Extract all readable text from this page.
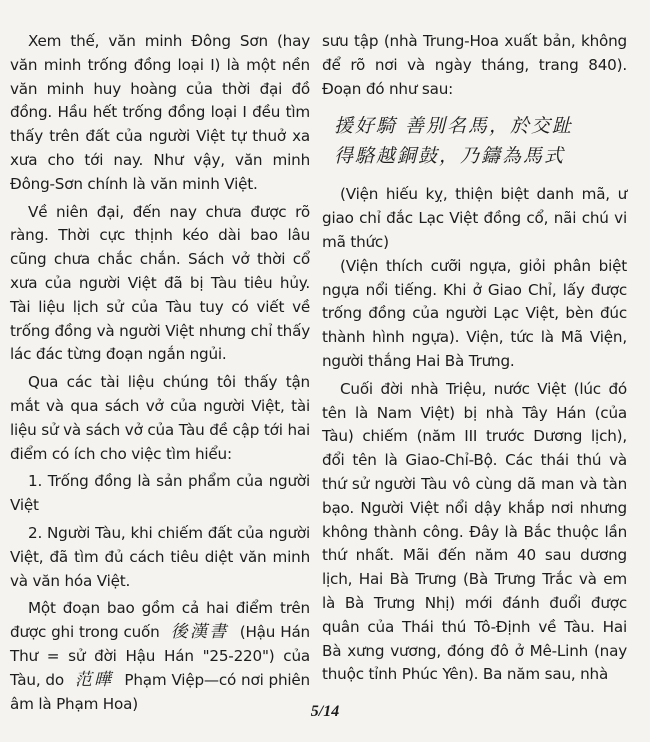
Xem thế, văn minh Đông Sơn (hay văn minh trống đồng loại I) là một nền văn minh huy hoàng của thời đại đồ đồng. Hầu hết trống đồng loại I đều tìm thấy trên đất của người Việt tự thuở xa xưa cho tới nay. Như vậy, văn minh Đông-Sơn chính là văn minh Việt.

Về niên đại, đến nay chưa được rõ ràng. Thời cực thịnh kéo dài bao lâu cũng chưa chắc chắn. Sách vở thời cổ xưa của người Việt đã bị Tàu tiêu hủy. Tài liệu lịch sử của Tàu tuy có viết về trống đồng và người Việt nhưng chỉ thấy lác đác từng đoạn ngắn ngủi.

Qua các tài liệu chúng tôi thấy tận mắt và qua sách vở của người Việt, tài liệu sử và sách vở của Tàu đề cập tới hai điểm có ích cho việc tìm hiểu:

1. Trống đồng là sản phẩm của người Việt

2. Người Tàu, khi chiếm đất của người Việt, đã tìm đủ cách tiêu diệt văn minh và văn hóa Việt.

Một đoạn bao gồm cả hai điểm trên được ghi trong cuốn 後漢書 (Hậu Hán Thư = sử đời Hậu Hán "25-220") của Tàu, do 范曄 Phạm Việp—có nơi phiên âm là Phạm Hoa)

sưu tập (nhà Trung-Hoa xuất bản, không để rõ nơi và ngày tháng, trang 840). Đoạn đó như sau:

援好騎 善別名馬，於交趾
得駱越銅鼓，乃鑄為馬式

(Viện hiếu kỵ, thiện biệt danh mã, ư giao chỉ đắc Lạc Việt đồng cổ, nãi chú vi mã thức)

(Viện thích cưỡi ngựa, giỏi phân biệt ngựa nổi tiếng. Khi ở Giao Chỉ, lấy được trống đồng của người Lạc Việt, bèn đúc thành hình ngựa). Viện, tức là Mã Viện, người thắng Hai Bà Trưng.

Cuối đời nhà Triệu, nước Việt (lúc đó tên là Nam Việt) bị nhà Tây Hán (của Tàu) chiếm (năm III trước Dương lịch), đổi tên là Giao-Chỉ-Bộ. Các thái thú và thứ sử người Tàu vô cùng dã man và tàn bạo. Người Việt nổi dậy khắp nơi nhưng không thành công. Đây là Bắc thuộc lần thứ nhất. Mãi đến năm 40 sau dương lịch, Hai Bà Trưng (Bà Trưng Trắc và em là Bà Trưng Nhị) mới đánh đuổi được quân của Thái thú Tô-Định về Tàu. Hai Bà xưng vương, đóng đô ở Mê-Linh (nay thuộc tỉnh Phúc Yên). Ba năm sau, nhà

5/14
